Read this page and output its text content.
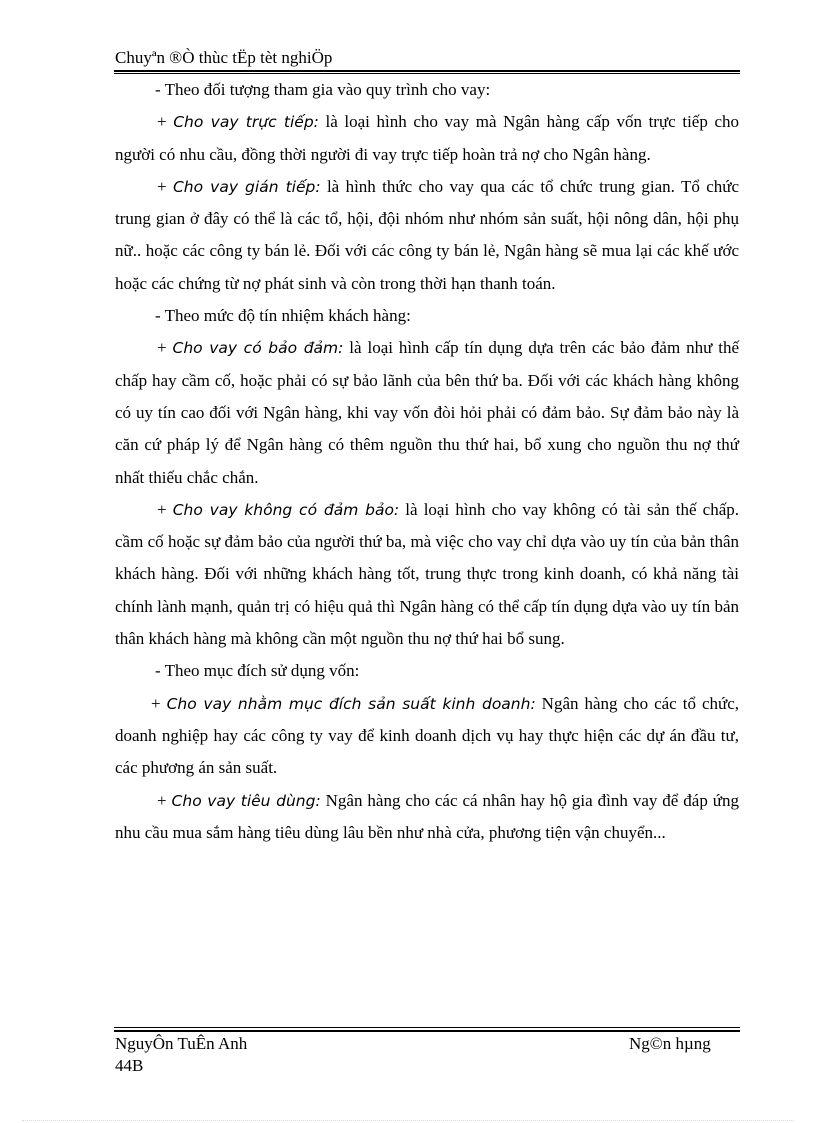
Chuyªn ®Ò thùc tËp tèt nghiÖp

- Theo đối tượng tham gia vào quy trình cho vay:

+ Cho vay trực tiếp: là loại hình cho vay mà Ngân hàng cấp vốn trực tiếp cho người có nhu cầu, đồng thời người đi vay trực tiếp hoàn trả nợ cho Ngân hàng.

+ Cho vay gián tiếp: là hình thức cho vay qua các tổ chức trung gian. Tổ chức trung gian ở đây có thể là các tổ, hội, đội nhóm như nhóm sản suất, hội nông dân, hội phụ nữ.. hoặc các công ty bán lẻ. Đối với các công ty bán lẻ, Ngân hàng sẽ mua lại các khế ước hoặc các chứng từ nợ phát sinh và còn trong thời hạn thanh toán.

- Theo mức độ tín nhiệm khách hàng:

+ Cho vay có bảo đảm: là loại hình cấp tín dụng dựa trên các bảo đảm như thế chấp hay cầm cố, hoặc phải có sự bảo lãnh của bên thứ ba. Đối với các khách hàng không có uy tín cao đối với Ngân hàng, khi vay vốn đòi hỏi phải có đảm bảo. Sự đảm bảo này là căn cứ pháp lý để Ngân hàng có thêm nguồn thu thứ hai, bổ xung cho nguồn thu nợ thứ nhất thiếu chắc chắn.

+ Cho vay không có đảm bảo: là loại hình cho vay không có tài sản thế chấp. cầm cố hoặc sự đảm bảo của người thứ ba, mà việc cho vay chỉ dựa vào uy tín của bản thân khách hàng. Đối với những khách hàng tốt, trung thực trong kinh doanh, có khả năng tài chính lành mạnh, quản trị có hiệu quả thì Ngân hàng có thể cấp tín dụng dựa vào uy tín bản thân khách hàng mà không cần một nguồn thu nợ thứ hai bổ sung.

- Theo mục đích sử dụng vốn:

+ Cho vay nhằm mục đích sản suất kinh doanh: Ngân hàng cho các tổ chức, doanh nghiệp hay các công ty vay để kinh doanh dịch vụ hay thực hiện các dự án đầu tư, các phương án sản suất.

+ Cho vay tiêu dùng: Ngân hàng cho các cá nhân hay hộ gia đình vay để đáp ứng nhu cầu mua sắm hàng tiêu dùng lâu bền như nhà cửa, phương tiện vận chuyển...

NguyÔn TuÊn Anh
44B
Ng©n hµng
